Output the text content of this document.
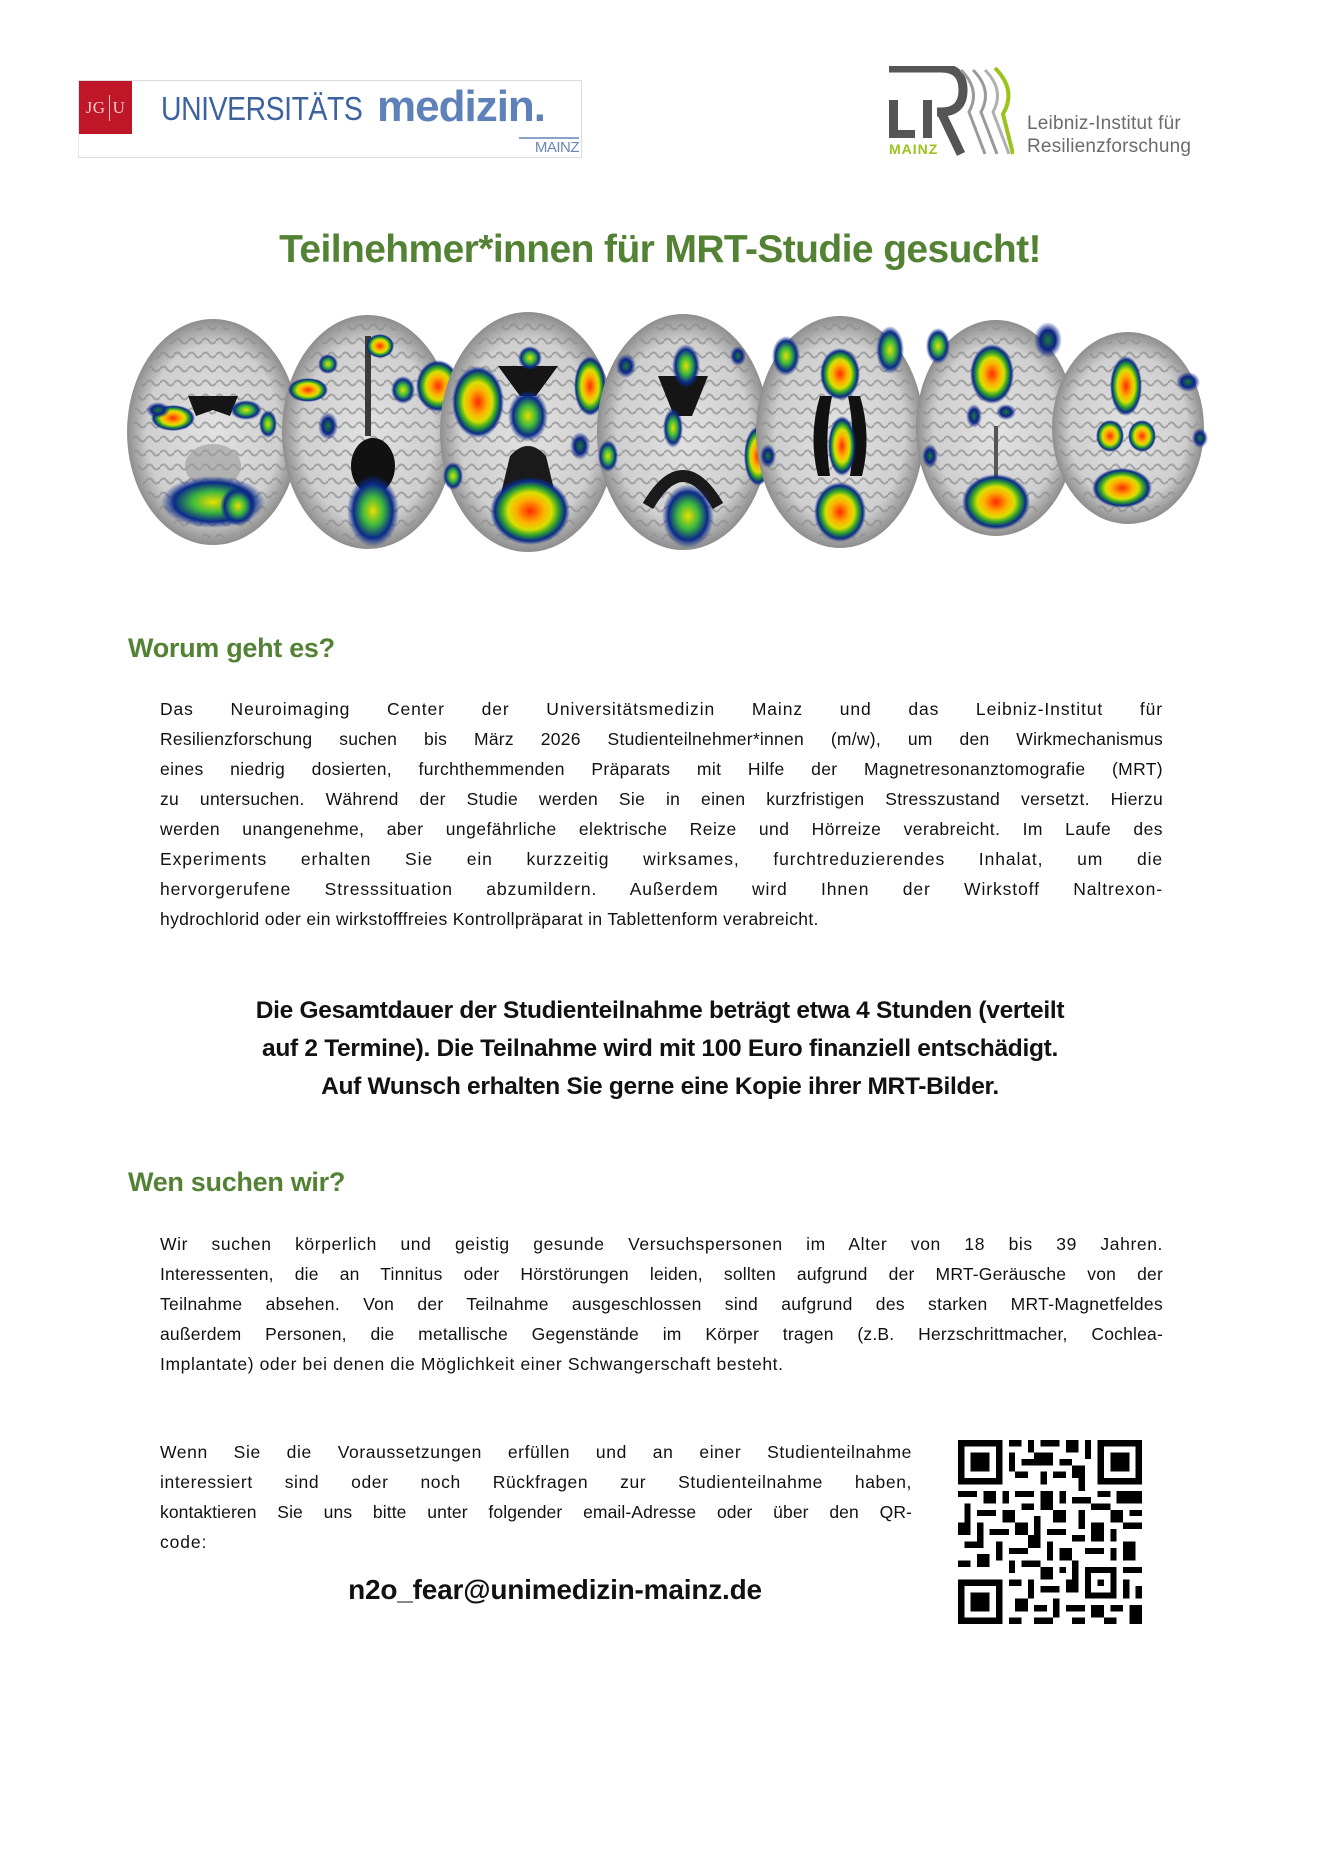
JG U UNIVERSITÄTS medizin.
MAINZ	MAINZ
Leibniz-Institut für
Resilienzforschung
Teilnehmer*innen für MRT-Studie gesucht!
Worum geht es?
Das Neuroimaging Center der Universitätsmedizin Mainz und das Leibniz-Institut für
Resilienzforschung suchen bis März 2026 Studienteilnehmer*innen (m/w), um den Wirkmechanismus
eines niedrig dosierten, furchthemmenden Präparats mit Hilfe der Magnetresonanztomografie (MRT)
zu untersuchen. Während der Studie werden Sie in einen kurzfristigen Stresszustand versetzt. Hierzu
werden unangenehme, aber ungefährliche elektrische Reize und Hörreize verabreicht. Im Laufe des
Experiments erhalten Sie ein kurzzeitig wirksames, furchtreduzierendes Inhalat, um die
hervorgerufene Stresssituation abzumildern. Außerdem wird Ihnen der Wirkstoff Naltrexon-
hydrochlorid oder ein wirkstofffreies Kontrollpräparat in Tablettenform verabreicht.
Die Gesamtdauer der Studienteilnahme beträgt etwa 4 Stunden (verteilt
auf 2 Termine). Die Teilnahme wird mit 100 Euro finanziell entschädigt.
Auf Wunsch erhalten Sie gerne eine Kopie ihrer MRT-Bilder.
Wen suchen wir?
Wir suchen körperlich und geistig gesunde Versuchspersonen im Alter von 18 bis 39 Jahren.
Interessenten, die an Tinnitus oder Hörstörungen leiden, sollten aufgrund der MRT-Geräusche von der
Teilnahme absehen. Von der Teilnahme ausgeschlossen sind aufgrund des starken MRT-Magnetfeldes
außerdem Personen, die metallische Gegenstände im Körper tragen (z.B. Herzschrittmacher, Cochlea-
Implantate) oder bei denen die Möglichkeit einer Schwangerschaft besteht.
Wenn Sie die Voraussetzungen erfüllen und an einer Studienteilnahme
interessiert sind oder noch Rückfragen zur Studienteilnahme haben,
kontaktieren Sie uns bitte unter folgender email-Adresse oder über den QR-
code:
n2o_fear@unimedizin-mainz.de
